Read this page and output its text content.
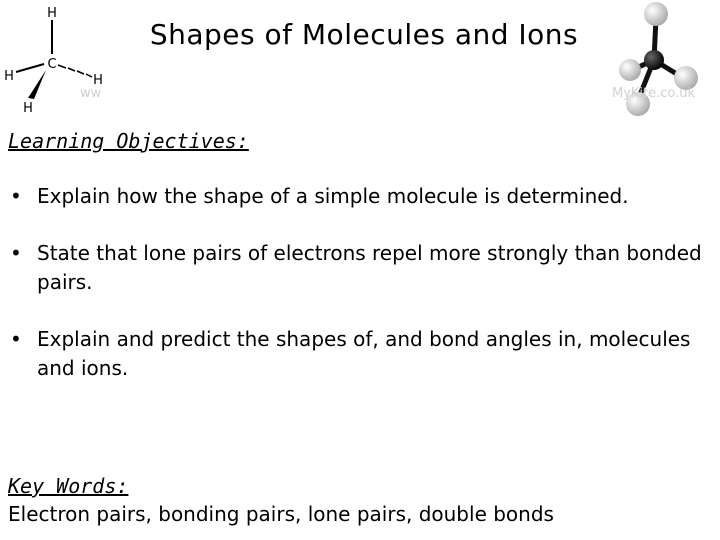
H
C
H	H
H
ww
Shapes of Molecules and Ions
MyKite.co.uk
Learning Objectives:
• Explain how the shape of a simple molecule is determined.
• State that lone pairs of electrons repel more strongly than bonded pairs.
• Explain and predict the shapes of, and bond angles in, molecules and ions.
Key Words:
Electron pairs, bonding pairs, lone pairs, double bonds
